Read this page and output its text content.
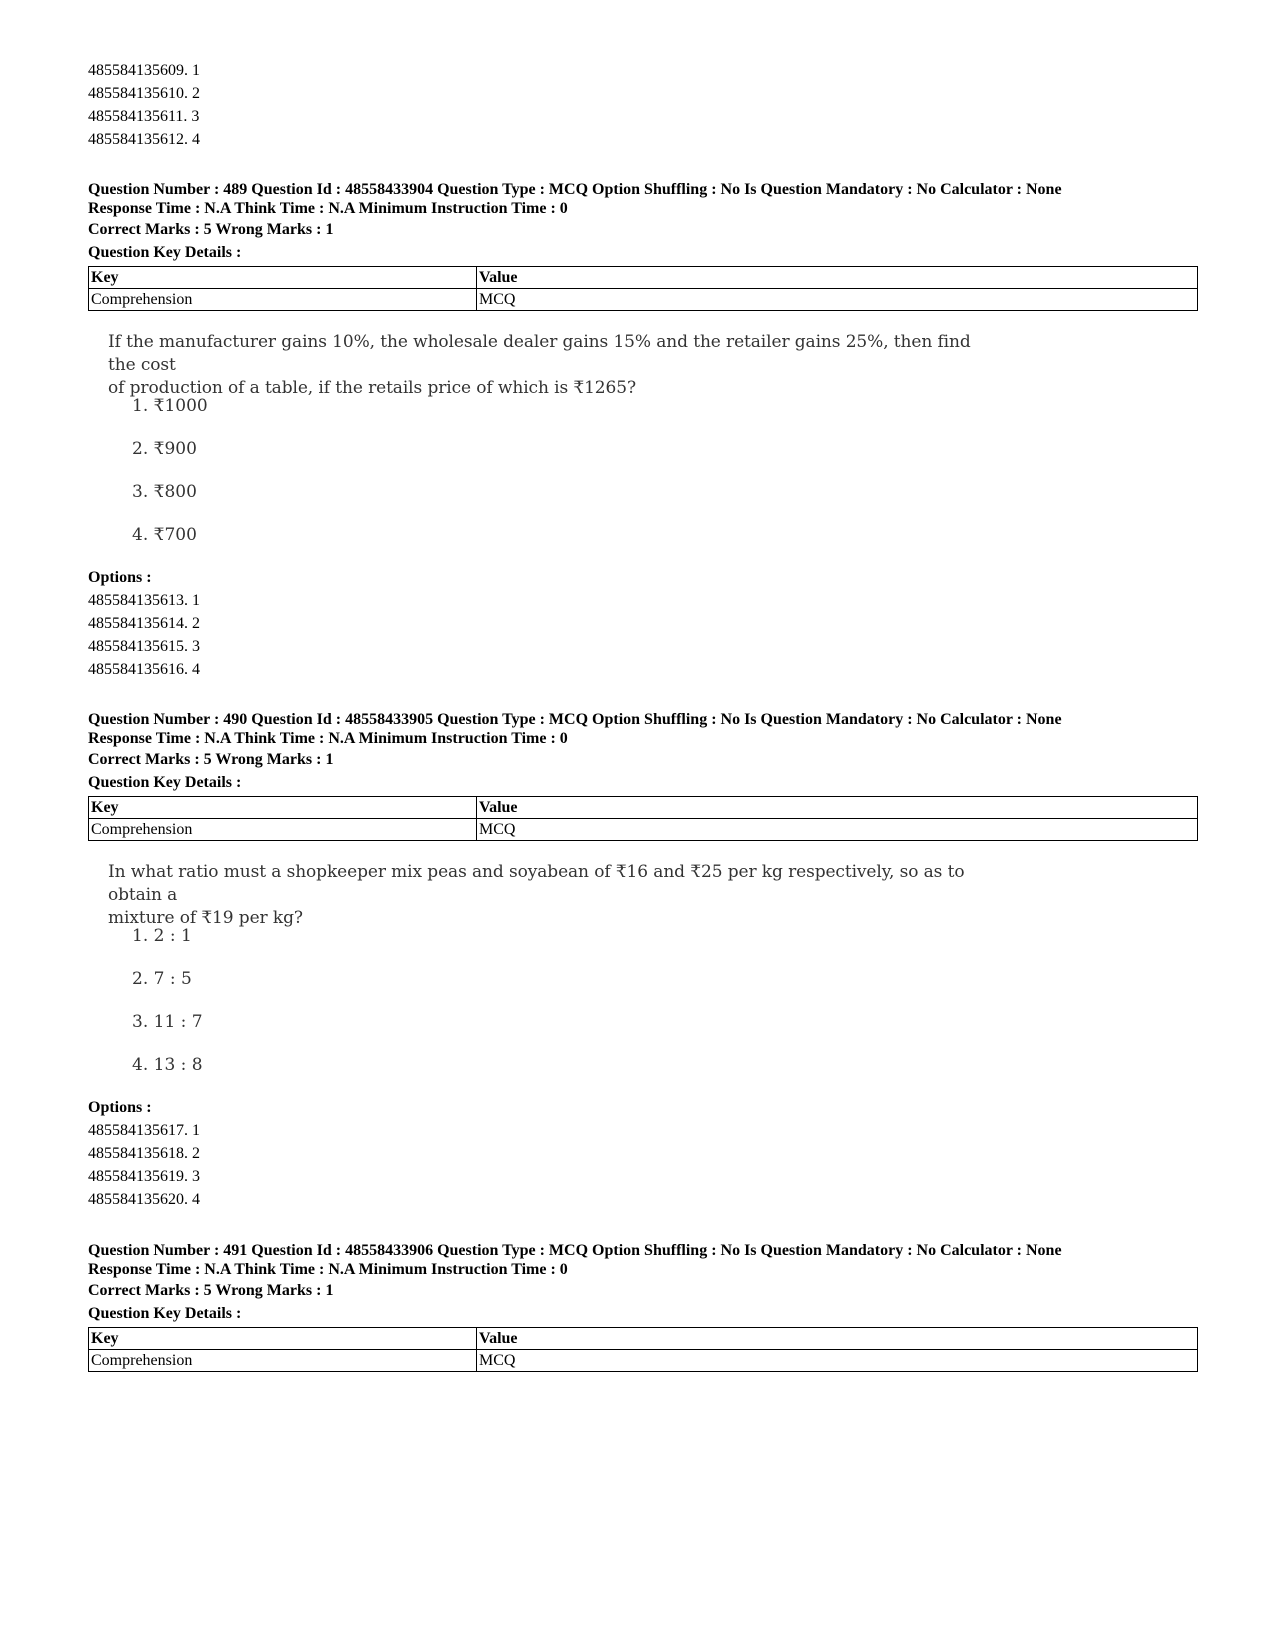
485584135609. 1
485584135610. 2
485584135611. 3
485584135612. 4
Question Number : 489 Question Id : 48558433904 Question Type : MCQ Option Shuffling : No Is Question Mandatory : No Calculator : None
Response Time : N.A Think Time : N.A Minimum Instruction Time : 0
Correct Marks : 5 Wrong Marks : 1
Question Key Details :
Key	Value
Comprehension	MCQ
If the manufacturer gains 10%, the wholesale dealer gains 15% and the retailer gains 25%, then find the cost
of production of a table, if the retails price of which is ₹1265?
1. ₹1000
2. ₹900
3. ₹800
4. ₹700
Options :
485584135613. 1
485584135614. 2
485584135615. 3
485584135616. 4
Question Number : 490 Question Id : 48558433905 Question Type : MCQ Option Shuffling : No Is Question Mandatory : No Calculator : None
Response Time : N.A Think Time : N.A Minimum Instruction Time : 0
Correct Marks : 5 Wrong Marks : 1
Question Key Details :
Key	Value
Comprehension	MCQ
In what ratio must a shopkeeper mix peas and soyabean of ₹16 and ₹25 per kg respectively, so as to obtain a
mixture of ₹19 per kg?
1. 2 : 1
2. 7 : 5
3. 11 : 7
4. 13 : 8
Options :
485584135617. 1
485584135618. 2
485584135619. 3
485584135620. 4
Question Number : 491 Question Id : 48558433906 Question Type : MCQ Option Shuffling : No Is Question Mandatory : No Calculator : None
Response Time : N.A Think Time : N.A Minimum Instruction Time : 0
Correct Marks : 5 Wrong Marks : 1
Question Key Details :
Key	Value
Comprehension	MCQ
